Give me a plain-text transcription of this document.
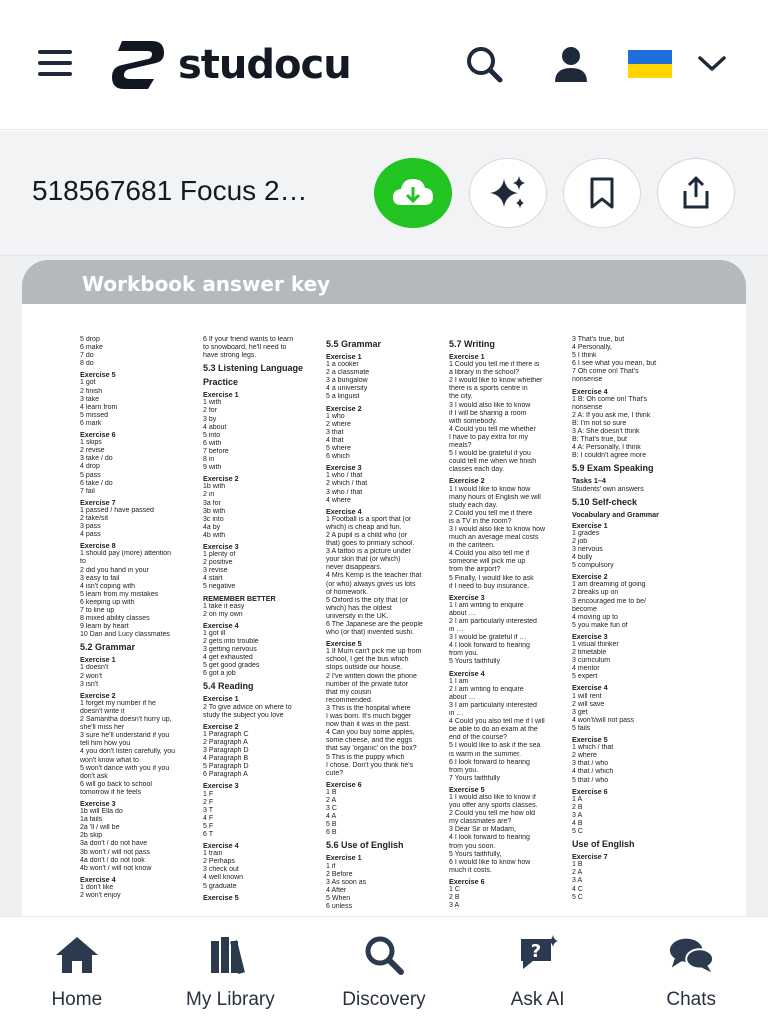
studocu
518567681 Focus 2…
Workbook answer key
5 drop
6 make
7 do
8 do
Exercise 5
1 got
2 finish
3 take
4 learn from
5 missed
6 mark
Exercise 6
1 skips
2 revise
3 take / do
4 drop
5 pass
6 take / do
7 fail
Exercise 7
1 passed / have passed
2 take/sit
3 pass
4 pass
Exercise 8
1 should pay (more) attention
to
2 did you hand in your
3 easy to fail
4 isn't coping with
5 learn from my mistakes
6 keeping up with
7 to line up
8 mixed ability classes
9 learn by heart
10 Dan and Lucy classmates
5.2 Grammar
Exercise 1
1 doesn't
2 won't
3 isn't
Exercise 2
1 forget my number if he
doesn't write it
2 Samantha doesn't hurry up,
she'll miss her
3 sure he'll understand if you
tell him how you
4 you don't listen carefully, you
won't know what to
5 won't dance with you if you
don't ask
6 will go back to school
tomorrow if he feels
Exercise 3
1b will Ella do
1a fails
2a 'll / will be
2b skip
3a don't / do not have
3b won't / will not pass
4a don't / do not look
4b won't / will not know
Exercise 4
1 don't like
2 won't enjoy
6 If your friend wants to learn
to snowboard, he'll need to
have strong legs.
5.3 Listening Language
Practice
Exercise 1
1 with
2 for
3 by
4 about
5 into
6 with
7 before
8 in
9 with
Exercise 2
1b with
2 in
3a for
3b with
3c into
4a by
4b with
Exercise 3
1 plenty of
2 positive
3 revise
4 start
5 negative
REMEMBER BETTER
1 take it easy
2 on my own
Exercise 4
1 got ill
2 gets into trouble
3 getting nervous
4 get exhausted
5 get good grades
6 got a job
5.4 Reading
Exercise 1
2 To give advice on where to
study the subject you love
Exercise 2
1 Paragraph C
2 Paragraph A
3 Paragraph D
4 Paragraph B
5 Paragraph D
6 Paragraph A
Exercise 3
1 F
2 F
3 T
4 F
5 F
6 T
Exercise 4
1 train
2 Perhaps
3 check out
4 well known
5 graduate
Exercise 5
5.5 Grammar
Exercise 1
1 a cooker
2 a classmate
3 a bungalow
4 a university
5 a linguist
Exercise 2
1 who
2 where
3 that
4 that
5 where
6 which
Exercise 3
1 who / that
2 which / that
3 who / that
4 where
Exercise 4
1 Football is a sport that (or
which) is cheap and fun.
2 A pupil is a child who (or
that) goes to primary school.
3 A tattoo is a picture under
your skin that (or which)
never disappears.
4 Mrs Kemp is the teacher that
(or who) always gives us lots
of homework.
5 Oxford is the city that (or
which) has the oldest
university in the UK.
6 The Japanese are the people
who (or that) invented sushi.
Exercise 5
1 If Mum can't pick me up from
school, I get the bus which
stops outside our house.
2 I've written down the phone
number of the private tutor
that my cousin
recommended.
3 This is the hospital where
I was born. It's much bigger
now than it was in the past.
4 Can you buy some apples,
some cheese, and the eggs
that say 'organic' on the box?
5 This is the puppy which
I chose. Don't you think he's
cute?
Exercise 6
1 B
2 A
3 C
4 A
5 B
6 B
5.6 Use of English
Exercise 1
1 if
2 Before
3 As soon as
4 After
5 When
6 unless
5.7 Writing
Exercise 1
1 Could you tell me if there is
a library in the school?
2 I would like to know whether
there is a sports centre in
the city.
3 I would also like to know
if I will be sharing a room
with somebody.
4 Could you tell me whether
I have to pay extra for my
meals?
5 I would be grateful if you
could tell me when we finish
classes each day.
Exercise 2
1 I would like to know how
many hours of English we will
study each day.
2 Could you tell me if there
is a TV in the room?
3 I would also like to know how
much an average meal costs
in the canteen.
4 Could you also tell me if
someone will pick me up
from the airport?
5 Finally, I would like to ask
if I need to buy insurance.
Exercise 3
1 I am writing to enquire
about …
2 I am particularly interested
in …
3 I would be grateful if …
4 I look forward to hearing
from you.
5 Yours faithfully
Exercise 4
1 I am
2 I am writing to enquire
about …
3 I am particularly interested
in …
4 Could you also tell me if I will
be able to do an exam at the
end of the course?
5 I would like to ask if the sea
is warm in the summer.
6 I look forward to hearing
from you.
7 Yours faithfully
Exercise 5
1 I would also like to know if
you offer any sports classes.
2 Could you tell me how old
my classmates are?
3 Dear Sir or Madam,
4 I look forward to hearing
from you soon.
5 Yours faithfully,
6 I would like to know how
much it costs.
Exercise 6
1 C
2 B
3 A
3 That's true, but
4 Personally,
5 I think
6 I see what you mean, but
7 Oh come on! That's
nonsense
Exercise 4
1 B: Oh come on! That's
nonsense
2 A: If you ask me, I think
B: I'm not so sure
3 A: She doesn't think
B: That's true, but
4 A: Personally, I think
B: I couldn't agree more
5.9 Exam Speaking
Tasks 1–4
Students' own answers
5.10 Self-check
Vocabulary and Grammar
Exercise 1
1 grades
2 job
3 nervous
4 bully
5 compulsory
Exercise 2
1 am dreaming of going
2 breaks up on
3 encouraged me to be/
become
4 moving up to
5 you make fun of
Exercise 3
1 visual thinker
2 timetable
3 curriculum
4 mentor
5 expert
Exercise 4
1 will rent
2 will save
3 get
4 won't/will not pass
5 fails
Exercise 5
1 which / that
2 where
3 that / who
4 that / which
5 that / who
Exercise 6
1 A
2 B
3 A
4 B
5 C
Use of English
Exercise 7
1 B
2 A
3 A
4 C
5 C
Home	My Library	Discovery
?
Ask AI	Chats
